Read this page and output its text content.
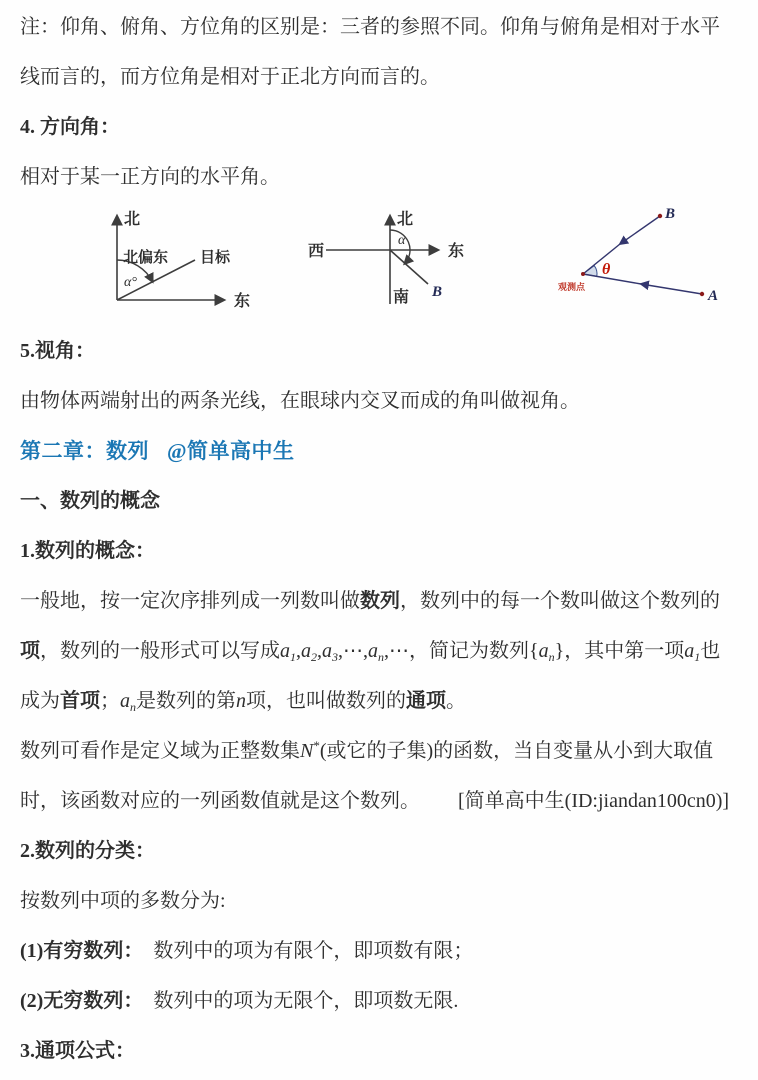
注：仰角、俯角、方位角的区别是：三者的参照不同。仰角与俯角是相对于水平线而言的，而方位角是相对于正北方向而言的。

4. 方向角：

相对于某一正方向的水平角。

北
东
北偏东 目标
α°
北
西	东
南
α
B
B
A
θ
观测点

5.视角：

由物体两端射出的两条光线，在眼球内交叉而成的角叫做视角。

第二章：数列 @简单高中生

一、数列的概念

1.数列的概念：

一般地，按一定次序排列成一列数叫做数列，数列中的每一个数叫做这个数列的项，数列的一般形式可以写成$a_1,a_2,a_3,\cdots,a_n,\cdots$，简记为数列$\{a_n\}$，其中第一项$a_1$也成为首项；$a_n$是数列的第n项，也叫做数列的通项。

数列可看作是定义域为正整数集N*(或它的子集)的函数，当自变量从小到大取值时，该函数对应的一列函数值就是这个数列。 [简单高中生(ID:jiandan100cn0)]

2.数列的分类：

按数列中项的多数分为:

(1)有穷数列： 数列中的项为有限个，即项数有限；

(2)无穷数列： 数列中的项为无限个，即项数无限.

3.通项公式：
